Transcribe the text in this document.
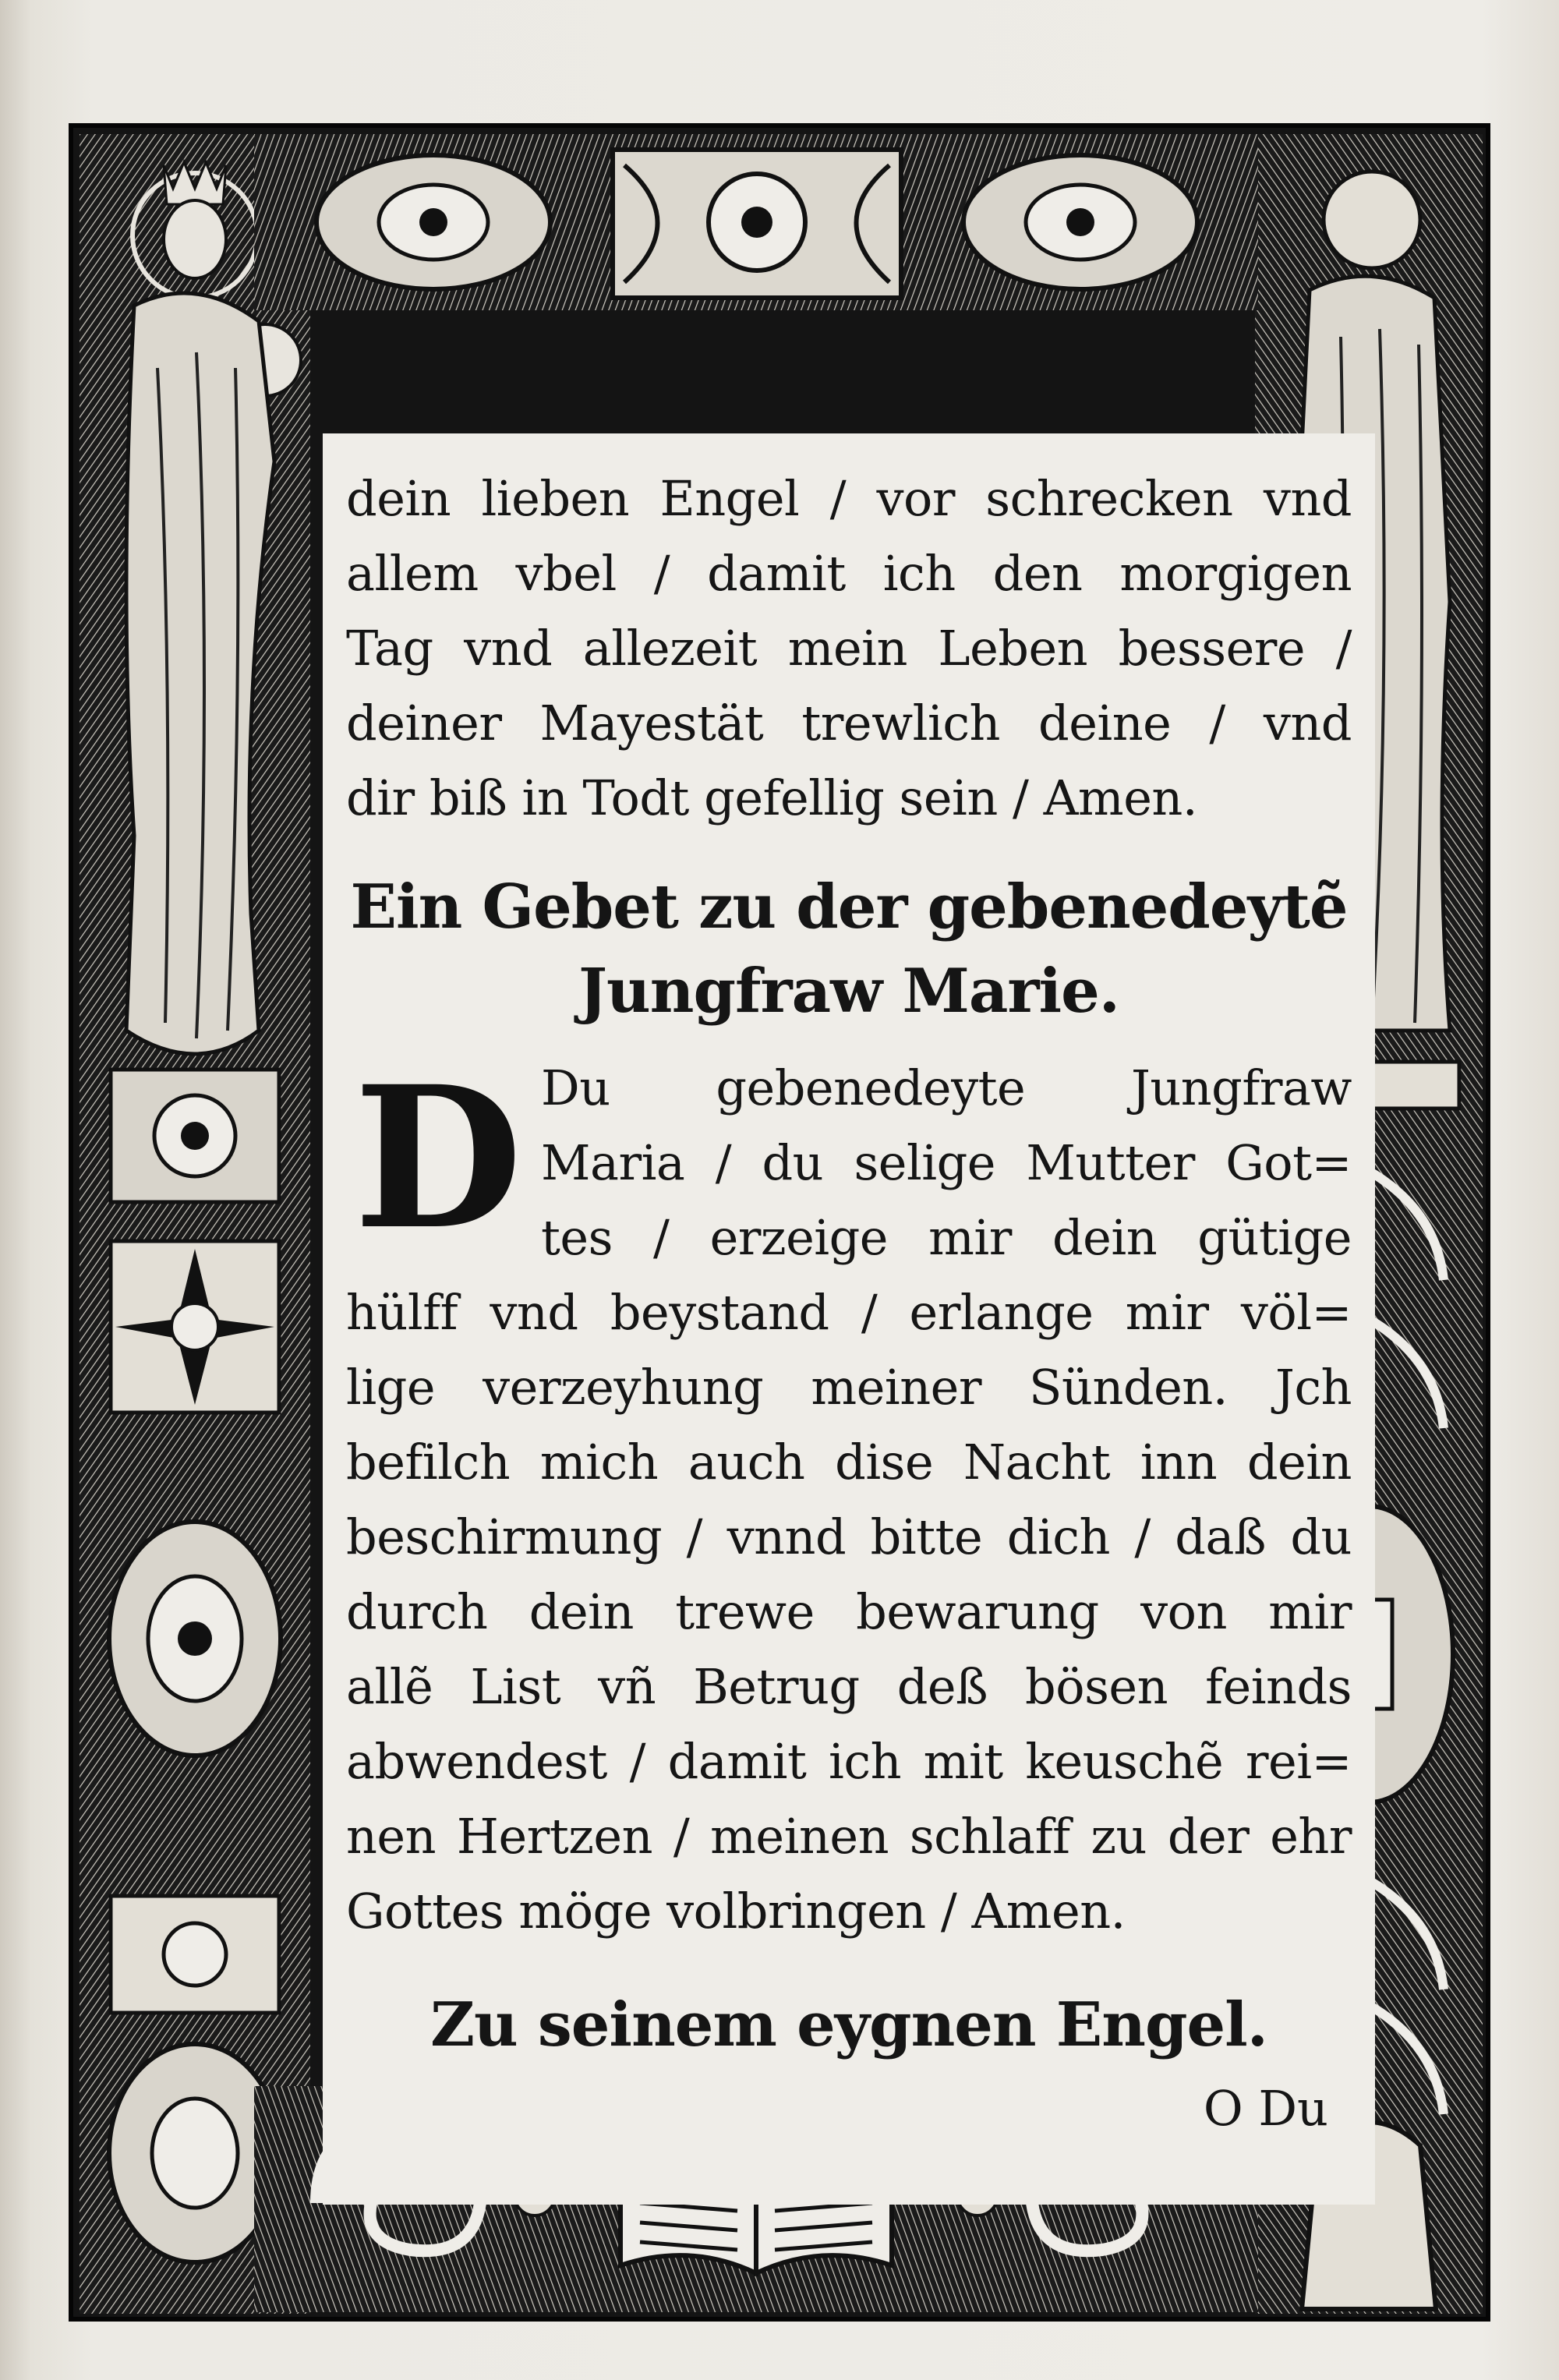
dein lieben Engel / vor schrecken vnd
allem vbel / damit ich den morgigen
Tag vnd allezeit mein Leben bessere /
deiner Mayestät trewlich deine / vnd
dir biß in Todt gefellig sein / Amen.
Ein Gebet zu der gebenedeytẽ
Jungfraw Marie.
D Du gebenedeyte Jungfraw
Maria / du selige Mutter Got=
tes / erzeige mir dein gütige
hülff vnd beystand / erlange mir völ=
lige verzeyhung meiner Sünden. Jch
befilch mich auch dise Nacht inn dein
beschirmung / vnnd bitte dich / daß du
durch dein trewe bewarung von mir
allẽ List vñ Betrug deß bösen feinds
abwendest / damit ich mit keuschẽ rei=
nen Hertzen / meinen schlaff zu der ehr
Gottes möge volbringen / Amen.
Zu seinem eygnen Engel.
O Du
